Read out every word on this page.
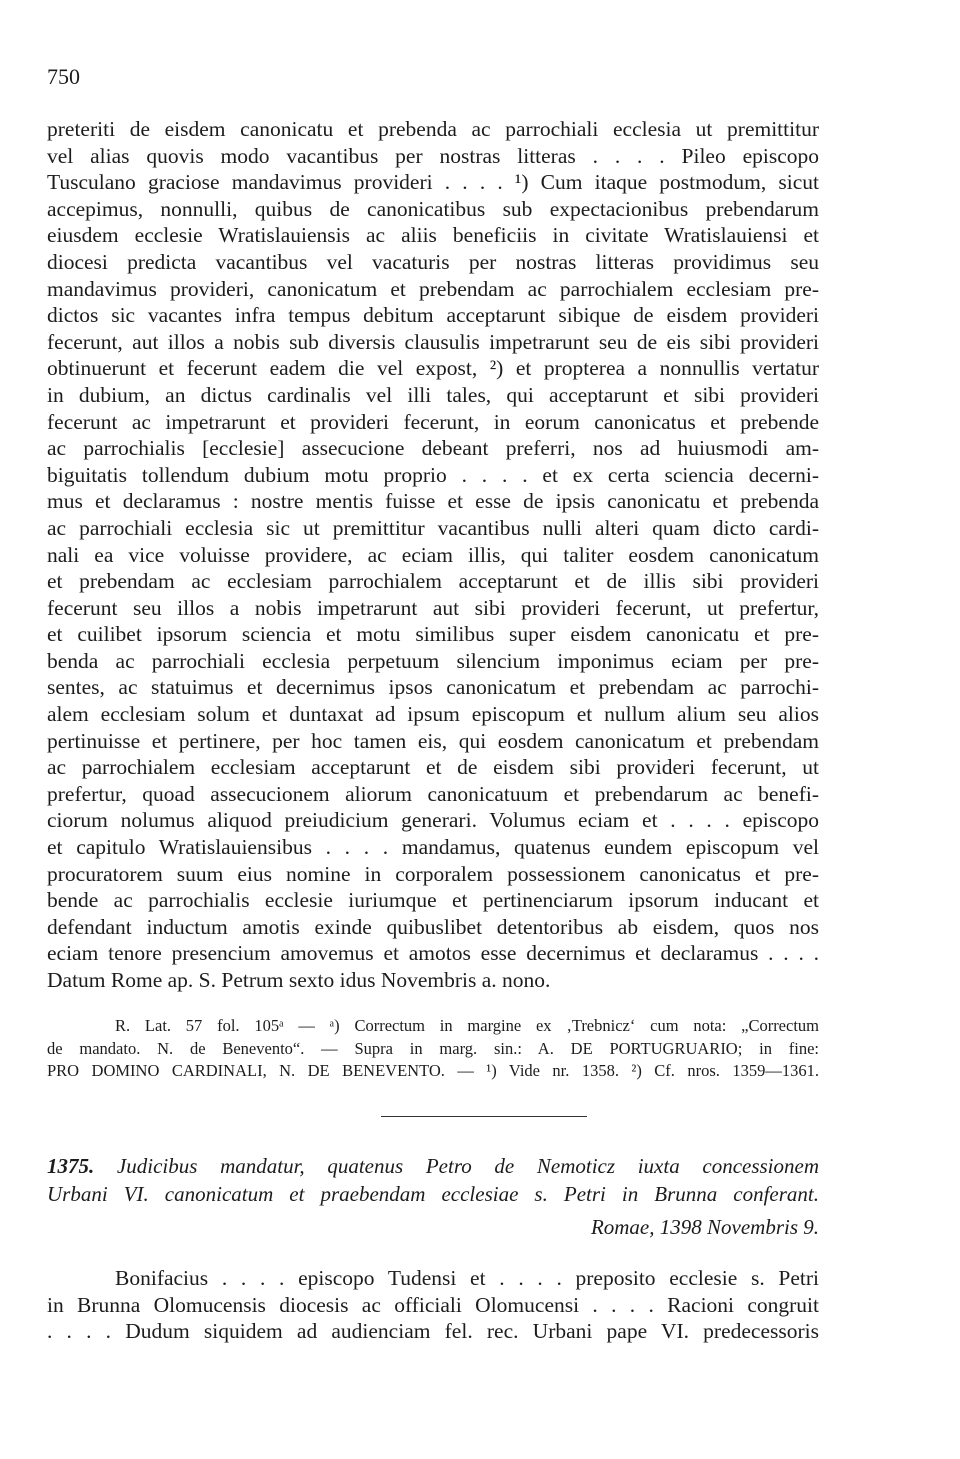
750
preteriti de eisdem canonicatu et prebenda ac parrochiali ecclesia ut premittitur
vel alias quovis modo vacantibus per nostras litteras . . . . Pileo episcopo
Tusculano graciose mandavimus provideri . . . . ¹) Cum itaque postmodum, sicut
accepimus, nonnulli, quibus de canonicatibus sub expectacionibus prebendarum
eiusdem ecclesie Wratislauiensis ac aliis beneficiis in civitate Wratislauiensi et
diocesi predicta vacantibus vel vacaturis per nostras litteras providimus seu
mandavimus provideri, canonicatum et prebendam ac parrochialem ecclesiam pre-
dictos sic vacantes infra tempus debitum acceptarunt sibique de eisdem provideri
fecerunt, aut illos a nobis sub diversis clausulis impetrarunt seu de eis sibi provideri
obtinuerunt et fecerunt eadem die vel expost, ²) et propterea a nonnullis vertatur
in dubium, an dictus cardinalis vel illi tales, qui acceptarunt et sibi provideri
fecerunt ac impetrarunt et provideri fecerunt, in eorum canonicatus et prebende
ac parrochialis [ecclesie] assecucione debeant preferri, nos ad huiusmodi am-
biguitatis tollendum dubium motu proprio . . . . et ex certa sciencia decerni-
mus et declaramus : nostre mentis fuisse et esse de ipsis canonicatu et prebenda
ac parrochiali ecclesia sic ut premittitur vacantibus nulli alteri quam dicto cardi-
nali ea vice voluisse providere, ac eciam illis, qui taliter eosdem canonicatum
et prebendam ac ecclesiam parrochialem acceptarunt et de illis sibi provideri
fecerunt seu illos a nobis impetrarunt aut sibi provideri fecerunt, ut prefertur,
et cuilibet ipsorum sciencia et motu similibus super eisdem canonicatu et pre-
benda ac parrochiali ecclesia perpetuum silencium imponimus eciam per pre-
sentes, ac statuimus et decernimus ipsos canonicatum et prebendam ac parrochi-
alem ecclesiam solum et duntaxat ad ipsum episcopum et nullum alium seu alios
pertinuisse et pertinere, per hoc tamen eis, qui eosdem canonicatum et prebendam
ac parrochialem ecclesiam acceptarunt et de eisdem sibi provideri fecerunt, ut
prefertur, quoad assecucionem aliorum canonicatuum et prebendarum ac benefi-
ciorum nolumus aliquod preiudicium generari. Volumus eciam et . . . . episcopo
et capitulo Wratislauiensibus . . . . mandamus, quatenus eundem episcopum vel
procuratorem suum eius nomine in corporalem possessionem canonicatus et pre-
bende ac parrochialis ecclesie iuriumque et pertinenciarum ipsorum inducant et
defendant inductum amotis exinde quibuslibet detentoribus ab eisdem, quos nos
eciam tenore presencium amovemus et amotos esse decernimus et declaramus . . . .
Datum Rome ap. S. Petrum sexto idus Novembris a. nono.
R. Lat. 57 fol. 105ᵃ — ᵃ) Correctum in margine ex ‚Trebnicz‘ cum nota: „Correctum
de mandato. N. de Benevento“. — Supra in marg. sin.: A. DE PORTUGRUARIO; in fine:
PRO DOMINO CARDINALI, N. DE BENEVENTO. — ¹) Vide nr. 1358. ²) Cf. nros. 1359—1361.
1375. Judicibus mandatur, quatenus Petro de Nemoticz iuxta concessionem
Urbani VI. canonicatum et praebendam ecclesiae s. Petri in Brunna conferant.
Romae, 1398 Novembris 9.
Bonifacius . . . . episcopo Tudensi et . . . . preposito ecclesie s. Petri
in Brunna Olomucensis diocesis ac officiali Olomucensi . . . . Racioni congruit
. . . . Dudum siquidem ad audienciam fel. rec. Urbani pape VI. predecessoris
